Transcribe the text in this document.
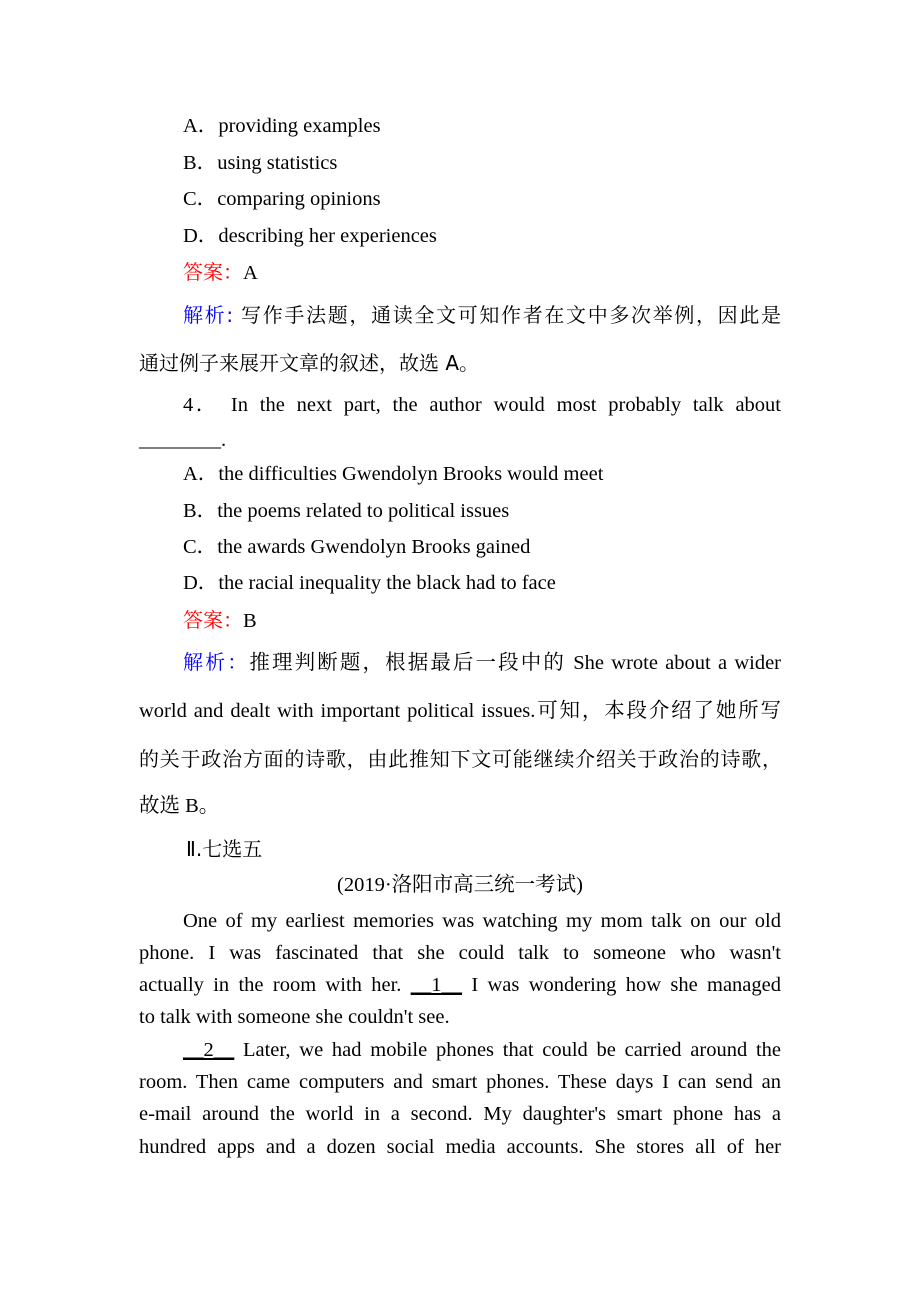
A．providing examples
B．using statistics
C．comparing opinions
D．describing her experiences
答案：A
解析: 写作手法题，通读全文可知作者在文中多次举例，因此是
通过例子来展开文章的叙述，故选 A。
4． In the next part, the author would most probably talk about
________.
A．the difficulties Gwendolyn Brooks would meet
B．the poems related to political issues
C．the awards Gwendolyn Brooks gained
D．the racial inequality the black had to face
答案：B
解析：推理判断题，根据最后一段中的 She wrote about a wider
world and dealt with important political issues.可知，本段介绍了她所写
的关于政治方面的诗歌，由此推知下文可能继续介绍关于政治的诗歌，
故选 B。
Ⅱ.七选五
(2019·洛阳市高三统一考试)
One of my earliest memories was watching my mom talk on our old
phone. I was fascinated that she could talk to someone who wasn't
actually in the room with her. __1__ I was wondering how she managed
to talk with someone she couldn't see.
__2__ Later, we had mobile phones that could be carried around the
room. Then came computers and smart phones. These days I can send an
e-mail around the world in a second. My daughter's smart phone has a
hundred apps and a dozen social media accounts. She stores all of her
